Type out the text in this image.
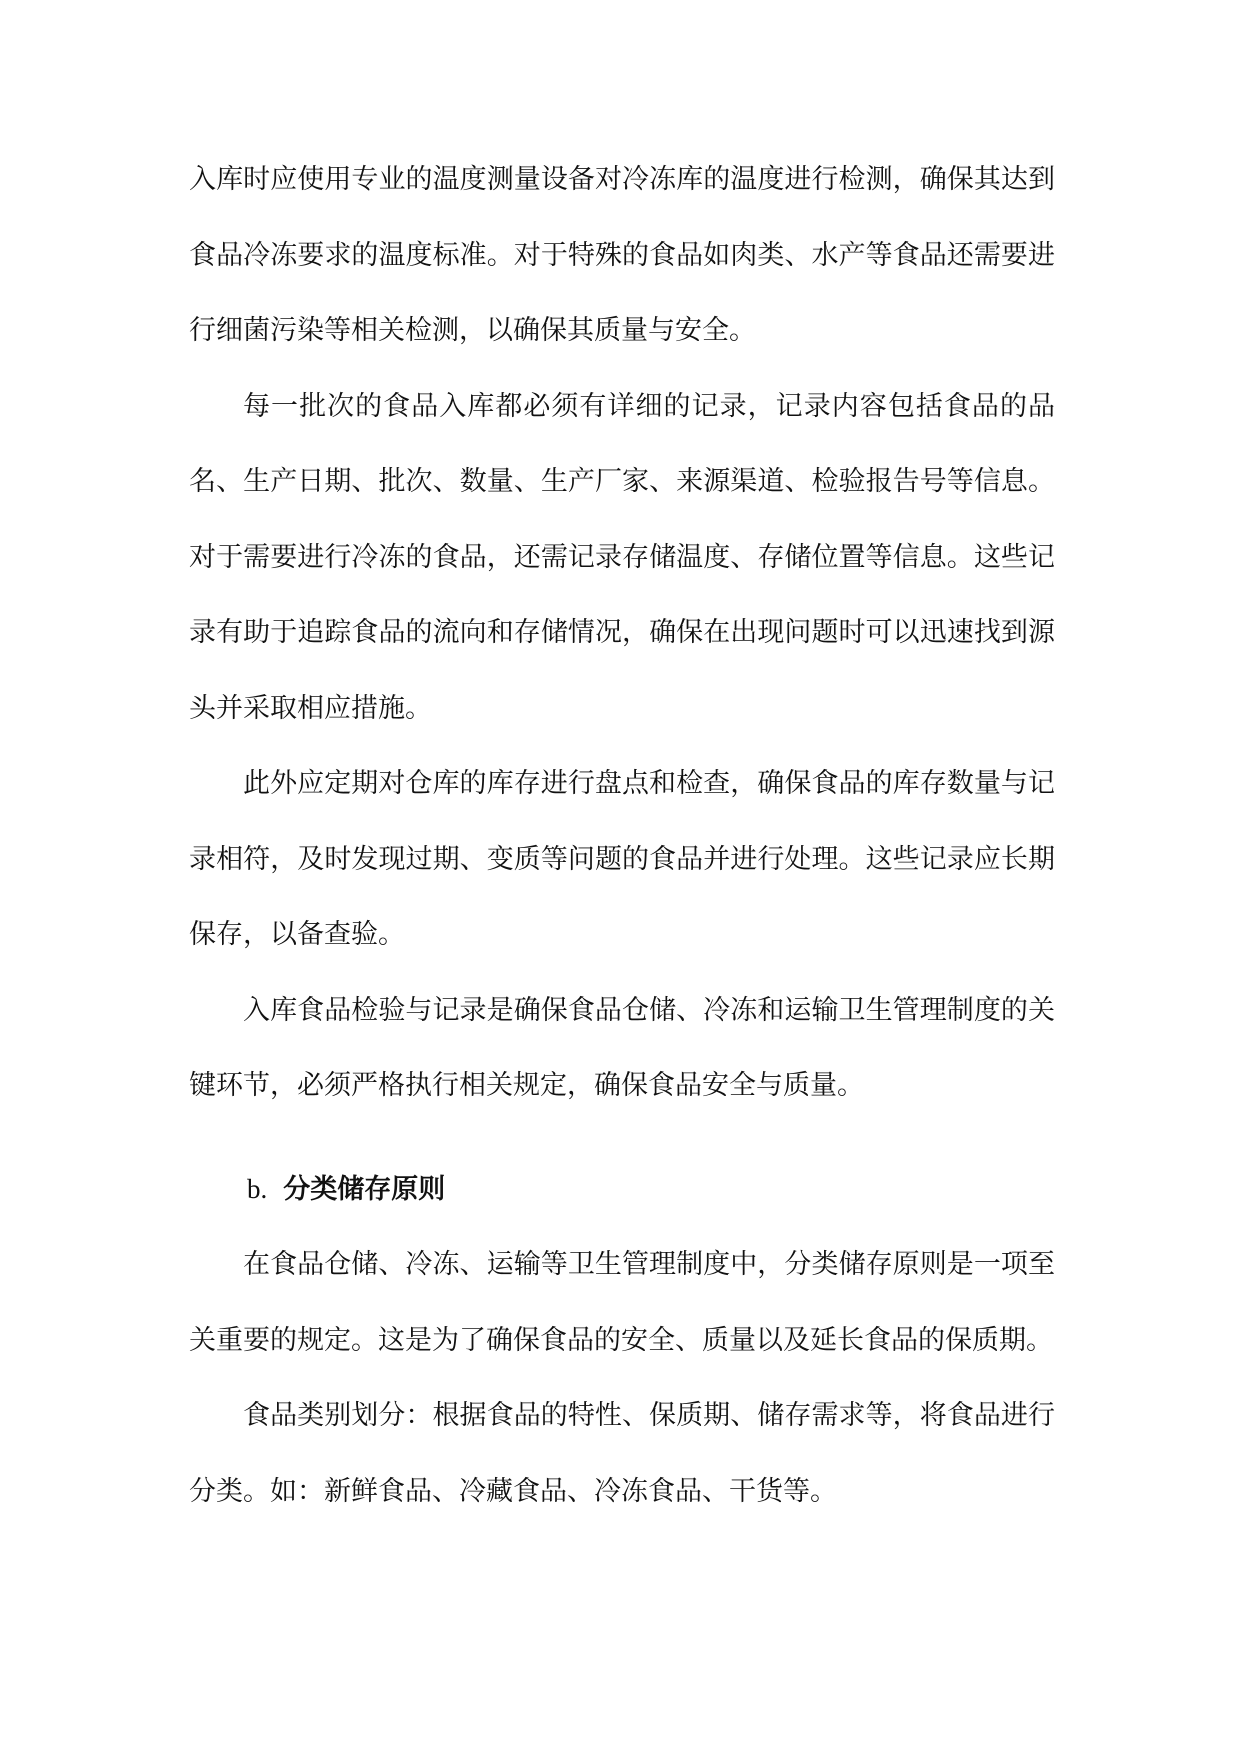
入库时应使用专业的温度测量设备对冷冻库的温度进行检测，确保其达到食品冷冻要求的温度标准。对于特殊的食品如肉类、水产等食品还需要进行细菌污染等相关检测，以确保其质量与安全。

每一批次的食品入库都必须有详细的记录，记录内容包括食品的品名、生产日期、批次、数量、生产厂家、来源渠道、检验报告号等信息。对于需要进行冷冻的食品，还需记录存储温度、存储位置等信息。这些记录有助于追踪食品的流向和存储情况，确保在出现问题时可以迅速找到源头并采取相应措施。

此外应定期对仓库的库存进行盘点和检查，确保食品的库存数量与记录相符，及时发现过期、变质等问题的食品并进行处理。这些记录应长期保存，以备查验。

入库食品检验与记录是确保食品仓储、冷冻和运输卫生管理制度的关键环节，必须严格执行相关规定，确保食品安全与质量。

b. 分类储存原则

在食品仓储、冷冻、运输等卫生管理制度中，分类储存原则是一项至关重要的规定。这是为了确保食品的安全、质量以及延长食品的保质期。

食品类别划分：根据食品的特性、保质期、储存需求等，将食品进行分类。如：新鲜食品、冷藏食品、冷冻食品、干货等。
